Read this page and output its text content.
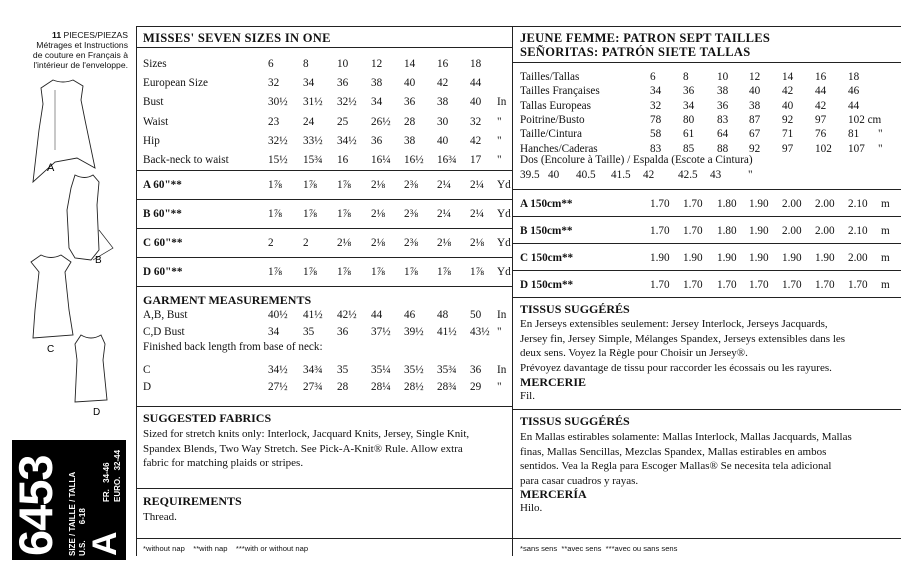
11 PIECES/PIEZAS
Métrages et Instructions
de couture en Français à
l'intérieur de l'enveloppe.
A
B
C
D
6453 SIZE / TAILLE / TALLA U.S. 6-18
FR. 34-46
EURO. 32-44
A
MISSES' SEVEN SIZES IN ONE
Sizes	6	8	10 12 14 16 18
European Size	32 34 36 38 40 42 44
Bust	30½ 31½ 32½ 34 36 38 40 In
Waist	23 24 25 26½ 28 30 32 "
Hip	32½ 33½ 34½ 36 38 40 42 "
Back-neck to waist	15½ 15¾ 16 16¼ 16½ 16¾ 17 "
A 60"**	1⅞ 1⅞ 1⅞ 2⅛ 2⅜ 2¼ 2¼ Yd
B 60"**	1⅞ 1⅞ 1⅞ 2⅛ 2⅜ 2¼ 2¼ Yd
C 60"**	2	2	2⅛ 2⅛ 2⅜ 2⅛ 2⅛ Yd
D 60"**	1⅞ 1⅞ 1⅞ 1⅞ 1⅞ 1⅞ 1⅞ Yd
GARMENT MEASUREMENTS
A,B, Bust	40½ 41½ 42½ 44 46 48 50 In
C,D Bust	34 35 36 37½ 39½ 41½ 43½ "
Finished back length from base of neck:
C	34½ 34¾ 35 35¼ 35½ 35¾ 36 In
D	27½ 27¾ 28 28¼ 28½ 28¾ 29 "
SUGGESTED FABRICS
Sized for stretch knits only: Interlock, Jacquard Knits, Jersey, Single Knit,
Spandex Blends, Two Way Stretch. See Pick-A-Knit® Rule. Allow extra
fabric for matching plaids or stripes.
REQUIREMENTS
Thread.
*without nap    **with nap    ***with or without nap
JEUNE FEMME: PATRON SEPT TAILLES
SEÑORITAS: PATRÓN SIETE TALLAS
Tailles/Tallas	6 8	10 12 14 16 18
Tailles Françaises	34 36 38 40 42 44 46
Tallas Europeas	32 34 36 38 40 42 44
Poitrine/Busto	78 80 83 87 92 97 102 cm
Taille/Cintura	58 61 64 67 71 76 81 "
Hanches/Caderas	83 85 88 92 97 102 107 "
Dos (Encolure à Taille) / Espalda (Escote a Cintura)
39.5 40 40.5 41.5 42 42.5 43 "
A 150cm**	1.70 1.70 1.80 1.90 2.00 2.00 2.10 m
B 150cm**	1.70 1.70 1.80 1.90 2.00 2.00 2.10 m
C 150cm**	1.90 1.90 1.90 1.90 1.90 1.90 2.00 m
D 150cm**	1.70 1.70 1.70 1.70 1.70 1.70 1.70 m
TISSUS SUGGÉRÉS
En Jerseys extensibles seulement: Jersey Interlock, Jerseys Jacquards,
Jersey fin, Jersey Simple, Mélanges Spandex, Jerseys extensibles dans les
deux sens. Voyez la Règle pour Choisir un Jersey®.
Prévoyez davantage de tissu pour raccorder les écossais ou les rayures.
MERCERIE
Fil.
TISSUS SUGGÉRÉS
En Mallas estirables solamente: Mallas Interlock, Mallas Jacquards, Mallas
finas, Mallas Sencillas, Mezclas Spandex, Mallas estirables en ambos
sentidos. Vea la Regla para Escoger Mallas® Se necesita tela adicional
para casar cuadros y rayas.
MERCERÍA
Hilo.
*sans sens  **avec sens  ***avec ou sans sens
